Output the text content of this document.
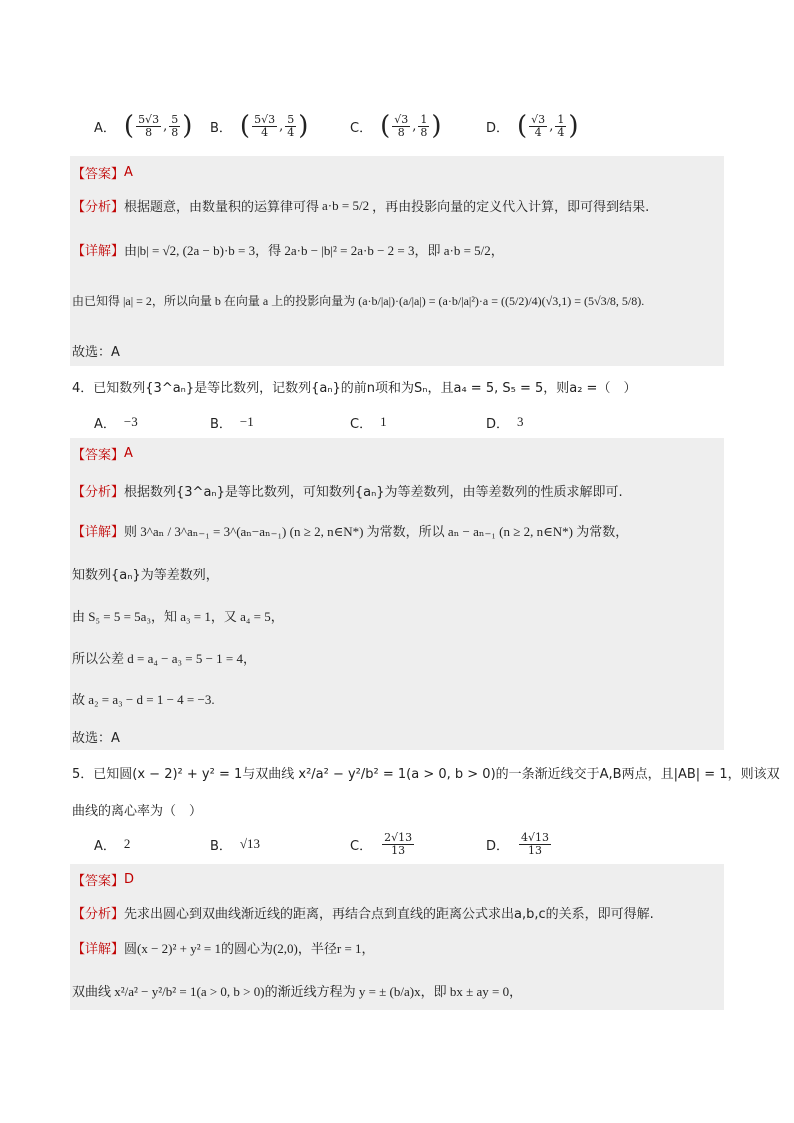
A． ( $\frac{5√3}{8}$ , $\frac{5}{8}$ ) B． ( $\frac{5√3}{4}$ , $\frac{5}{4}$ )	C． ( $\frac{√3}{8}$ , $\frac{1}{8}$ )	D． ( $\frac{√3}{4}$ , $\frac{1}{4}$ )
【答案】 A
【分析】 根据题意，由数量积的运算律可得 a·b = 5/2 ，再由投影向量的定义代入计算，即可得到结果.
【详解】 由|b| = √2, (2a − b)·b = 3，得 2a·b − |b|² = 2a·b − 2 = 3，即 a·b = 5/2，
由已知得 |a| = 2，所以向量 b 在向量 a 上的投影向量为 (a·b/|a|)·(a/|a|) = (a·b/|a|²)·a = ((5/2)/4)(√3,1) = (5√3/8, 5/8).
故选：A
4．已知数列{3^aₙ}是等比数列，记数列{aₙ}的前n项和为Sₙ，且a₄ = 5, S₅ = 5，则a₂ =（　）
A． −3	B． −1	C． 1	D． 3
【答案】 A
【分析】 根据数列{3^aₙ}是等比数列，可知数列{aₙ}为等差数列，由等差数列的性质求解即可.
【详解】 则 3^aₙ / 3^aₙ₋₁ = 3^(aₙ−aₙ₋₁) (n ≥ 2, n∈N*) 为常数，所以 aₙ − aₙ₋₁ (n ≥ 2, n∈N*) 为常数，
知数列{aₙ}为等差数列，
由 S₅ = 5 = 5a₃，知 a₃ = 1，又 a₄ = 5，
所以公差 d = a₄ − a₃ = 5 − 1 = 4，
故 a₂ = a₃ − d = 1 − 4 = −3.
故选：A
5．已知圆(x − 2)² + y² = 1与双曲线 x²/a² − y²/b² = 1(a > 0, b > 0)的一条渐近线交于A,B两点，且|AB| = 1，则该双
曲线的离心率为（　）
A． 2	B． √13	C． $\frac{2√13}{13}$	D． $\frac{4√13}{13}$
【答案】 D
【分析】 先求出圆心到双曲线渐近线的距离，再结合点到直线的距离公式求出a,b,c的关系，即可得解.
【详解】 圆(x − 2)² + y² = 1的圆心为(2,0)，半径r = 1，
双曲线 x²/a² − y²/b² = 1(a > 0, b > 0)的渐近线方程为 y = ± (b/a)x，即 bx ± ay = 0，
